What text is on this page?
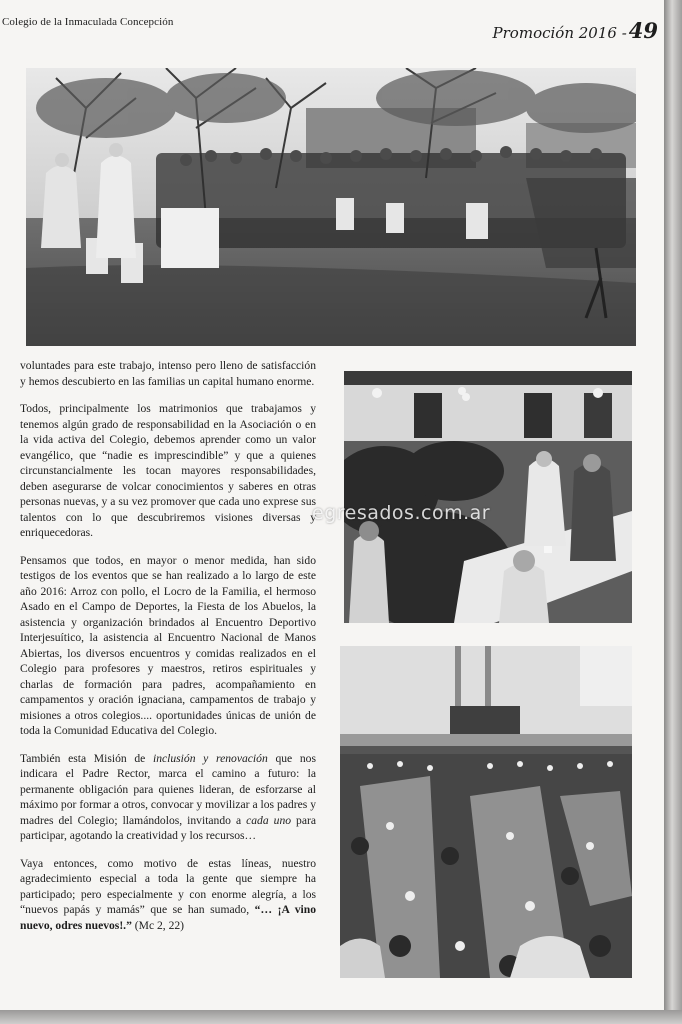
Colegio de la Inmaculada Concepción
Promoción 2016 -49

voluntades para este trabajo, intenso pero lleno de satisfacción y hemos descubierto en las familias un capital humano enorme.

Todos, principalmente los matrimonios que trabajamos y tenemos algún grado de responsabilidad en la Asociación o en la vida activa del Colegio, debemos aprender como un valor evangélico, que “nadie es imprescindible” y que a quienes circunstancialmente les tocan mayores responsabilidades, deben asegurarse de volcar conocimientos y saberes en otras personas nuevas, y a su vez promover que cada uno exprese sus talentos con lo que descubriremos visiones diversas y enriquecedoras.

Pensamos que todos, en mayor o menor medida, han sido testigos de los eventos que se han realizado a lo largo de este año 2016: Arroz con pollo, el Locro de la Familia, el hermoso Asado en el Campo de Deportes, la Fiesta de los Abuelos, la asistencia y organización brindados al Encuentro Deportivo Interjesuítico, la asistencia al Encuentro Nacional de Manos Abiertas, los diversos encuentros y comidas realizados en el Colegio para profesores y maestros, retiros espirituales y charlas de formación para padres, acompañamiento en campamentos y oración ignaciana, campamentos de trabajo y misiones a otros colegios.... oportunidades únicas de unión de toda la Comunidad Educativa del Colegio.

También esta Misión de inclusión y renovación que nos indicara el Padre Rector, marca el camino a futuro: la permanente obligación para quienes lideran, de esforzarse al máximo por formar a otros, convocar y movilizar a los padres y madres del Colegio; llamándolos, invitando a cada uno para participar, agotando la creatividad y los recursos…

Vaya entonces, como motivo de estas líneas, nuestro agradecimiento especial a toda la gente que siempre ha participado; pero especialmente y con enorme alegría, a los “nuevos papás y mamás” que se han sumado, “… ¡A vino nuevo, odres nuevos!.” (Mc 2, 22)

egresados.com.ar
